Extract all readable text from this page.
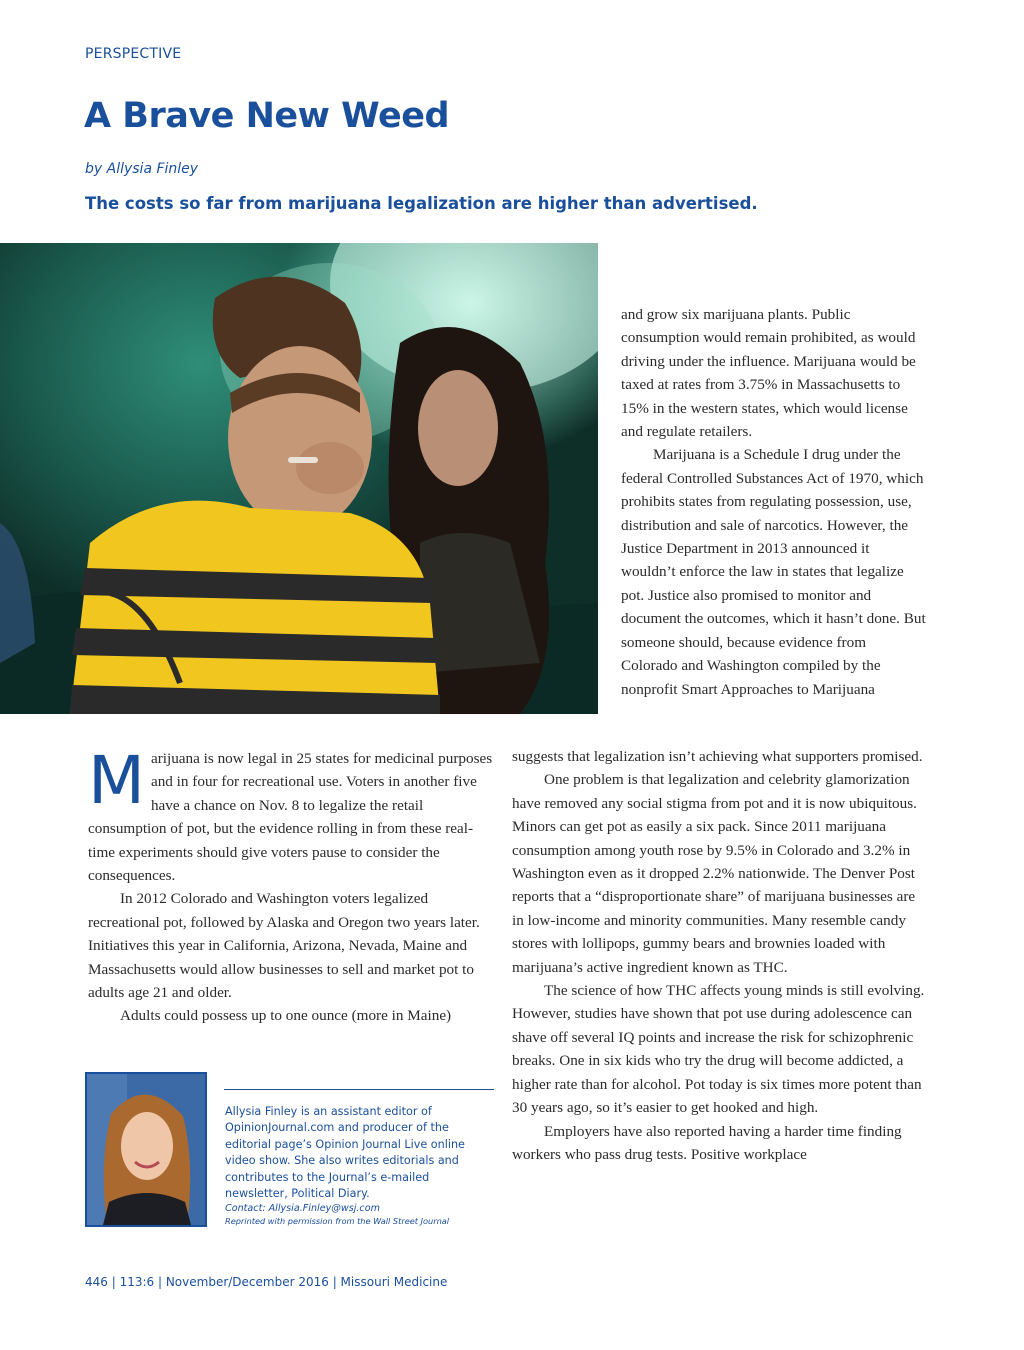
PERSPECTIVE
A Brave New Weed
by Allysia Finley
The costs so far from marijuana legalization are higher than advertised.

and grow six marijuana plants. Public consumption would remain prohibited, as would driving under the influence. Marijuana would be taxed at rates from 3.75% in Massachusetts to 15% in the western states, which would license and regulate retailers.

Marijuana is a Schedule I drug under the federal Controlled Substances Act of 1970, which prohibits states from regulating possession, use, distribution and sale of narcotics. However, the Justice Department in 2013 announced it wouldn’t enforce the law in states that legalize pot. Justice also promised to monitor and document the outcomes, which it hasn’t done. But someone should, because evidence from Colorado and Washington compiled by the nonprofit Smart Approaches to Marijuana

Marijuana is now legal in 25 states for medicinal purposes and in four for recreational use. Voters in another five have a chance on Nov. 8 to legalize the retail consumption of pot, but the evidence rolling in from these real-time experiments should give voters pause to consider the consequences.

In 2012 Colorado and Washington voters legalized recreational pot, followed by Alaska and Oregon two years later. Initiatives this year in California, Arizona, Nevada, Maine and Massachusetts would allow businesses to sell and market pot to adults age 21 and older.

Adults could possess up to one ounce (more in Maine)

suggests that legalization isn’t achieving what supporters promised.

One problem is that legalization and celebrity glamorization have removed any social stigma from pot and it is now ubiquitous. Minors can get pot as easily a six pack. Since 2011 marijuana consumption among youth rose by 9.5% in Colorado and 3.2% in Washington even as it dropped 2.2% nationwide. The Denver Post reports that a “disproportionate share” of marijuana businesses are in low-income and minority communities. Many resemble candy stores with lollipops, gummy bears and brownies loaded with marijuana’s active ingredient known as THC.

The science of how THC affects young minds is still evolving. However, studies have shown that pot use during adolescence can shave off several IQ points and increase the risk for schizophrenic breaks. One in six kids who try the drug will become addicted, a higher rate than for alcohol. Pot today is six times more potent than 30 years ago, so it’s easier to get hooked and high.

Employers have also reported having a harder time finding workers who pass drug tests. Positive workplace

Allysia Finley is an assistant editor of OpinionJournal.com and producer of the editorial page’s Opinion Journal Live online video show. She also writes editorials and contributes to the Journal’s e-mailed newsletter, Political Diary.

Contact: Allysia.Finley@wsj.com

Reprinted with permission from the Wall Street Journal

446 | 113:6 | November/December 2016 | Missouri Medicine
